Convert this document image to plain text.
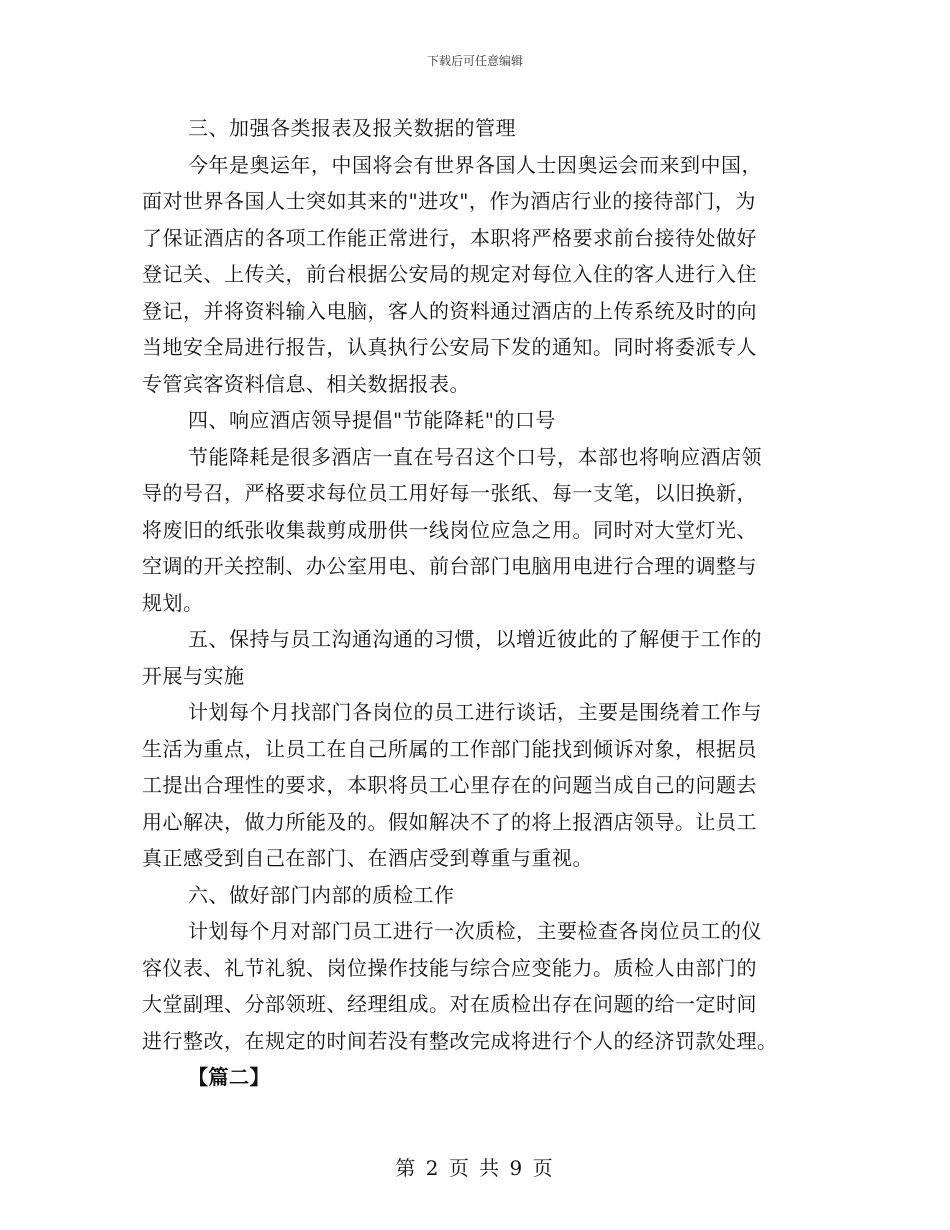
下载后可任意编辑
三、加强各类报表及报关数据的管理
今年是奥运年，中国将会有世界各国人士因奥运会而来到中国，
面对世界各国人士突如其来的"进攻"，作为酒店行业的接待部门，为
了保证酒店的各项工作能正常进行，本职将严格要求前台接待处做好
登记关、上传关，前台根据公安局的规定对每位入住的客人进行入住
登记，并将资料输入电脑，客人的资料通过酒店的上传系统及时的向
当地安全局进行报告，认真执行公安局下发的通知。同时将委派专人
专管宾客资料信息、相关数据报表。
四、响应酒店领导提倡"节能降耗"的口号
节能降耗是很多酒店一直在号召这个口号，本部也将响应酒店领
导的号召，严格要求每位员工用好每一张纸、每一支笔，以旧换新，
将废旧的纸张收集裁剪成册供一线岗位应急之用。同时对大堂灯光、
空调的开关控制、办公室用电、前台部门电脑用电进行合理的调整与
规划。
五、保持与员工沟通沟通的习惯，以增近彼此的了解便于工作的
开展与实施
计划每个月找部门各岗位的员工进行谈话，主要是围绕着工作与
生活为重点，让员工在自己所属的工作部门能找到倾诉对象，根据员
工提出合理性的要求，本职将员工心里存在的问题当成自己的问题去
用心解决，做力所能及的。假如解决不了的将上报酒店领导。让员工
真正感受到自己在部门、在酒店受到尊重与重视。
六、做好部门内部的质检工作
计划每个月对部门员工进行一次质检，主要检查各岗位员工的仪
容仪表、礼节礼貌、岗位操作技能与综合应变能力。质检人由部门的
大堂副理、分部领班、经理组成。对在质检出存在问题的给一定时间
进行整改，在规定的时间若没有整改完成将进行个人的经济罚款处理。
【篇二】
第 2 页 共 9 页
